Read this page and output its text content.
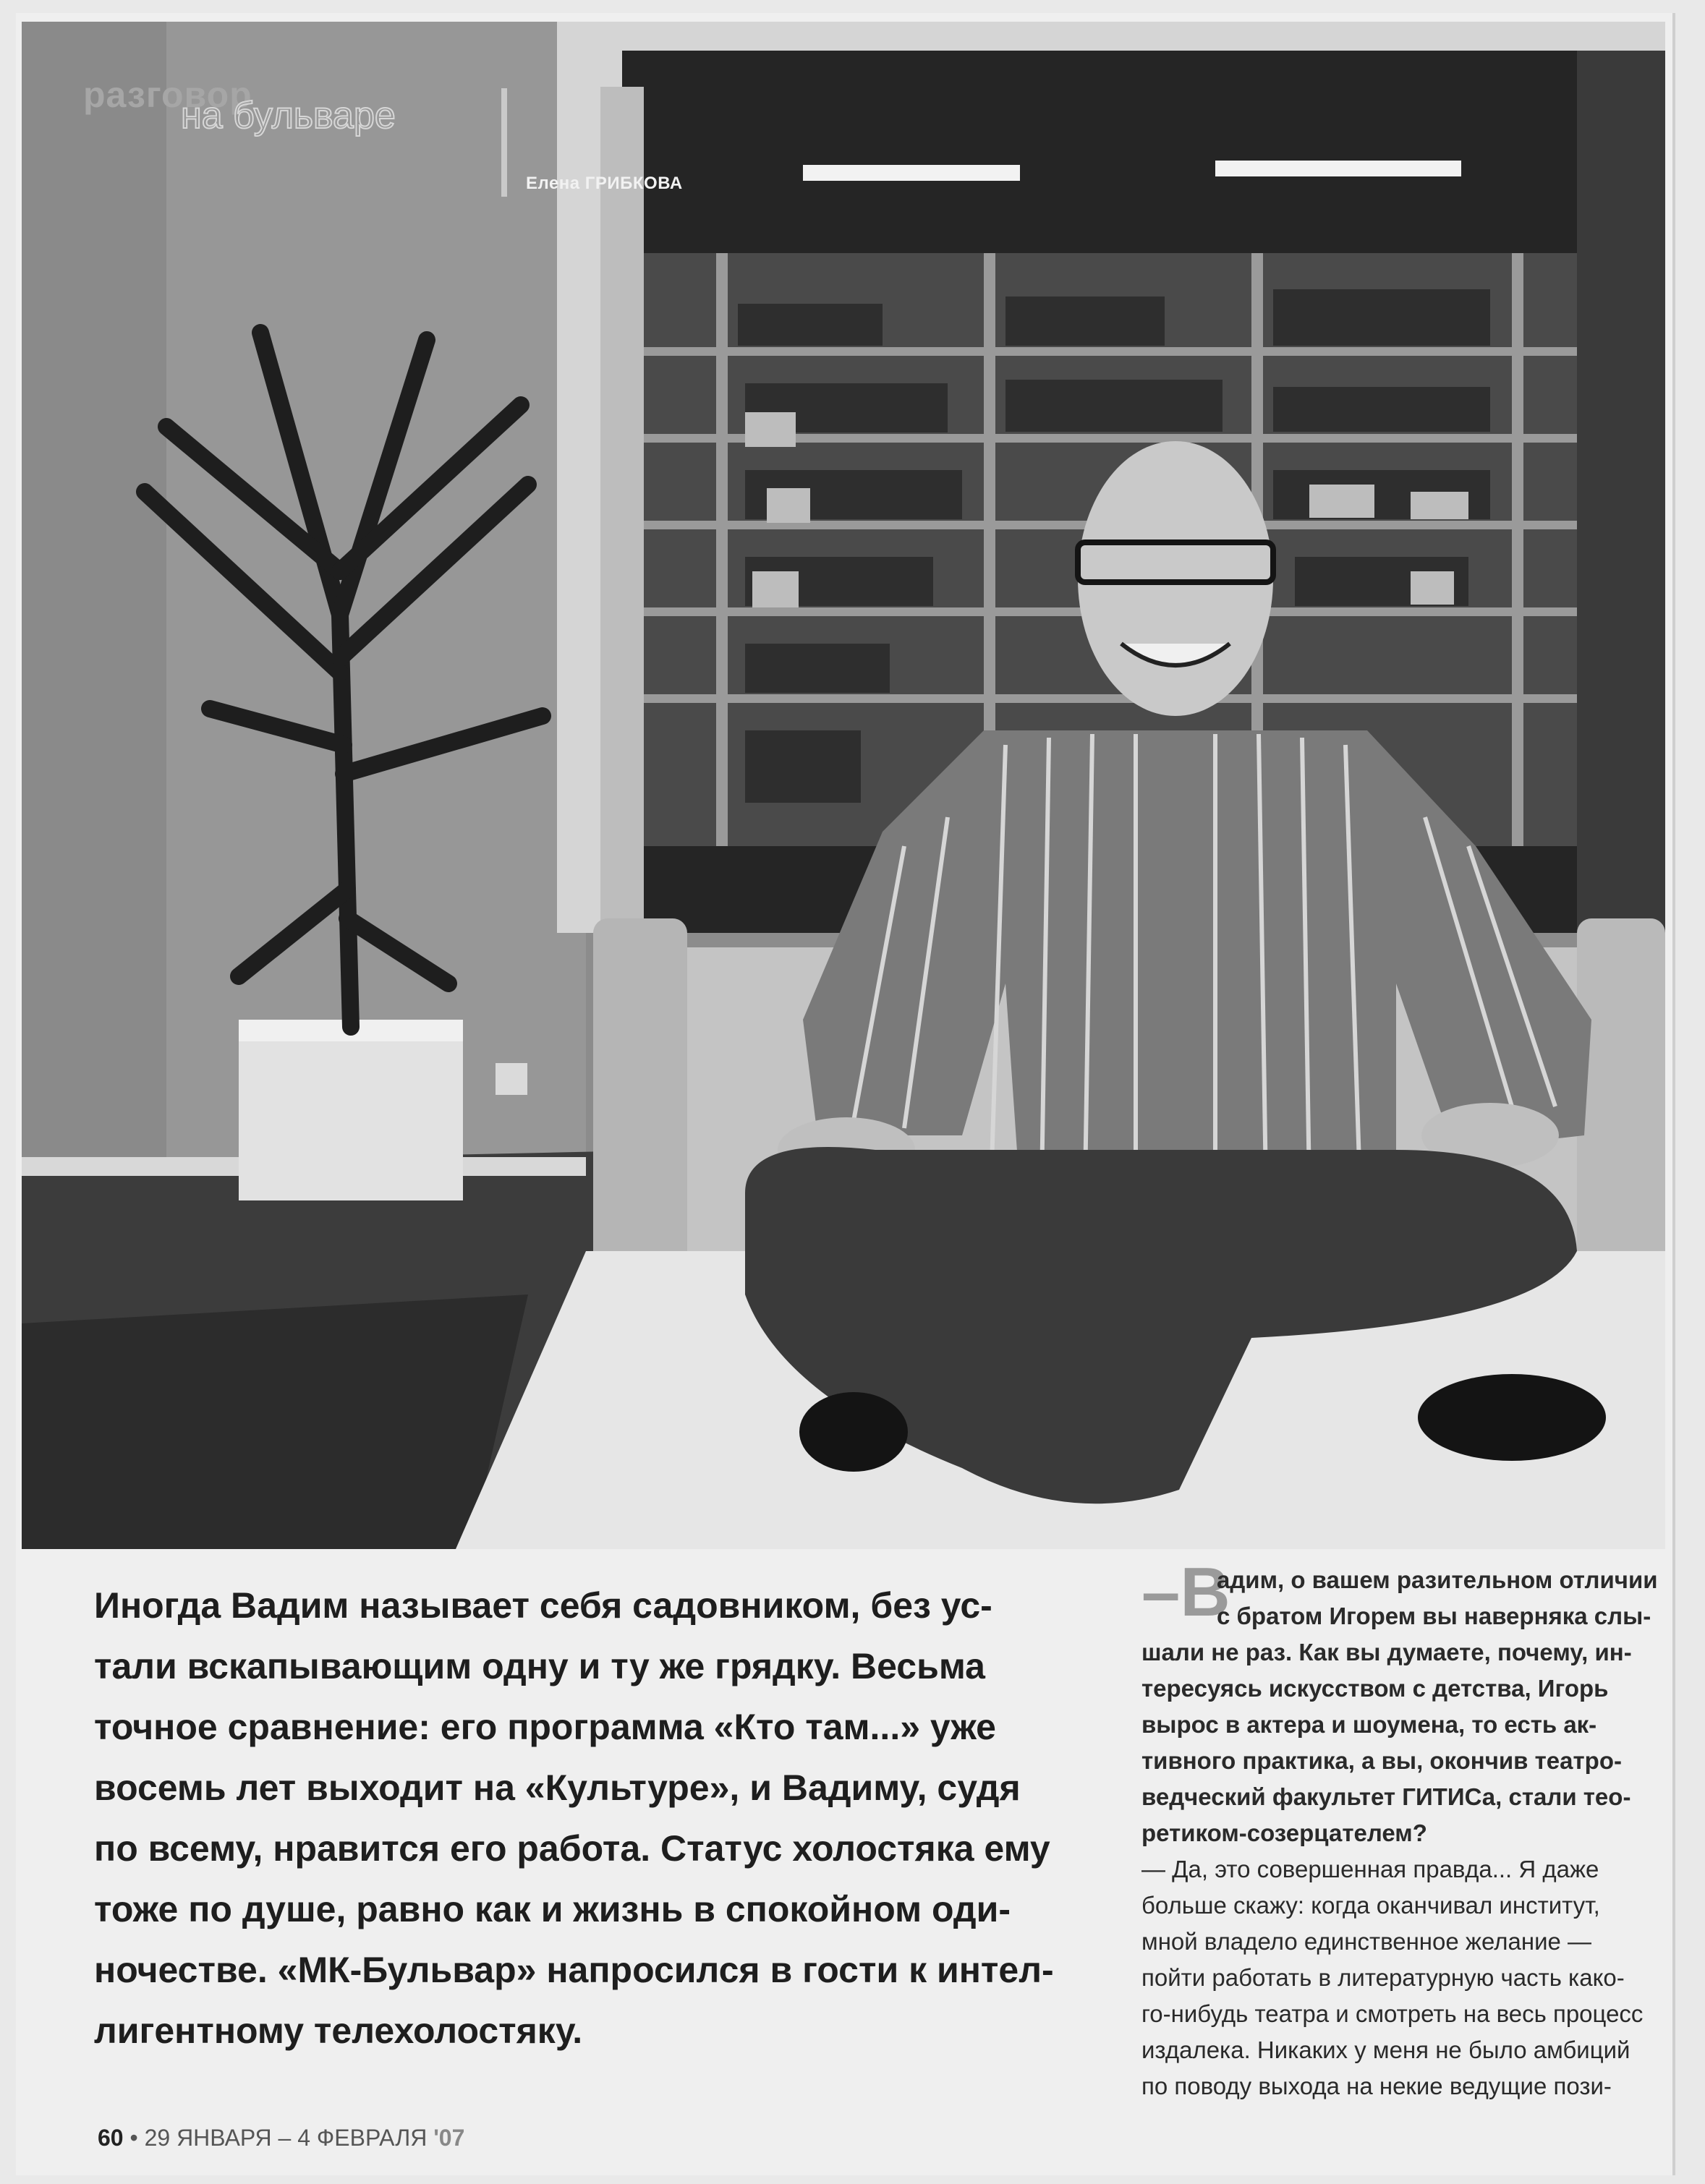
разговор
на бульваре
Елена ГРИБКОВА
Иногда Вадим называет себя садовником, без ус-
тали вскапывающим одну и ту же грядку. Весьма
точное сравнение: его программа «Кто там...» уже
восемь лет выходит на «Культуре», и Вадиму, судя
по всему, нравится его работа. Статус холостяка ему
тоже по душе, равно как и жизнь в спокойном оди-
ночестве. «МК-Бульвар» напросился в гости к интел-
лигентному телехолостяку.
–В
адим, о вашем разительном отличии
с братом Игорем вы наверняка слы-
шали не раз. Как вы думаете, почему, ин-
тересуясь искусством с детства, Игорь
вырос в актера и шоумена, то есть ак-
тивного практика, а вы, окончив театро-
ведческий факультет ГИТИСа, стали тео-
ретиком-созерцателем?
— Да, это совершенная правда... Я даже
больше скажу: когда оканчивал институт,
мной владело единственное желание —
пойти работать в литературную часть како-
го-нибудь театра и смотреть на весь процесс
издалека. Никаких у меня не было амбиций
по поводу выхода на некие ведущие пози-
60 • 29 ЯНВАРЯ – 4 ФЕВРАЛЯ '07
